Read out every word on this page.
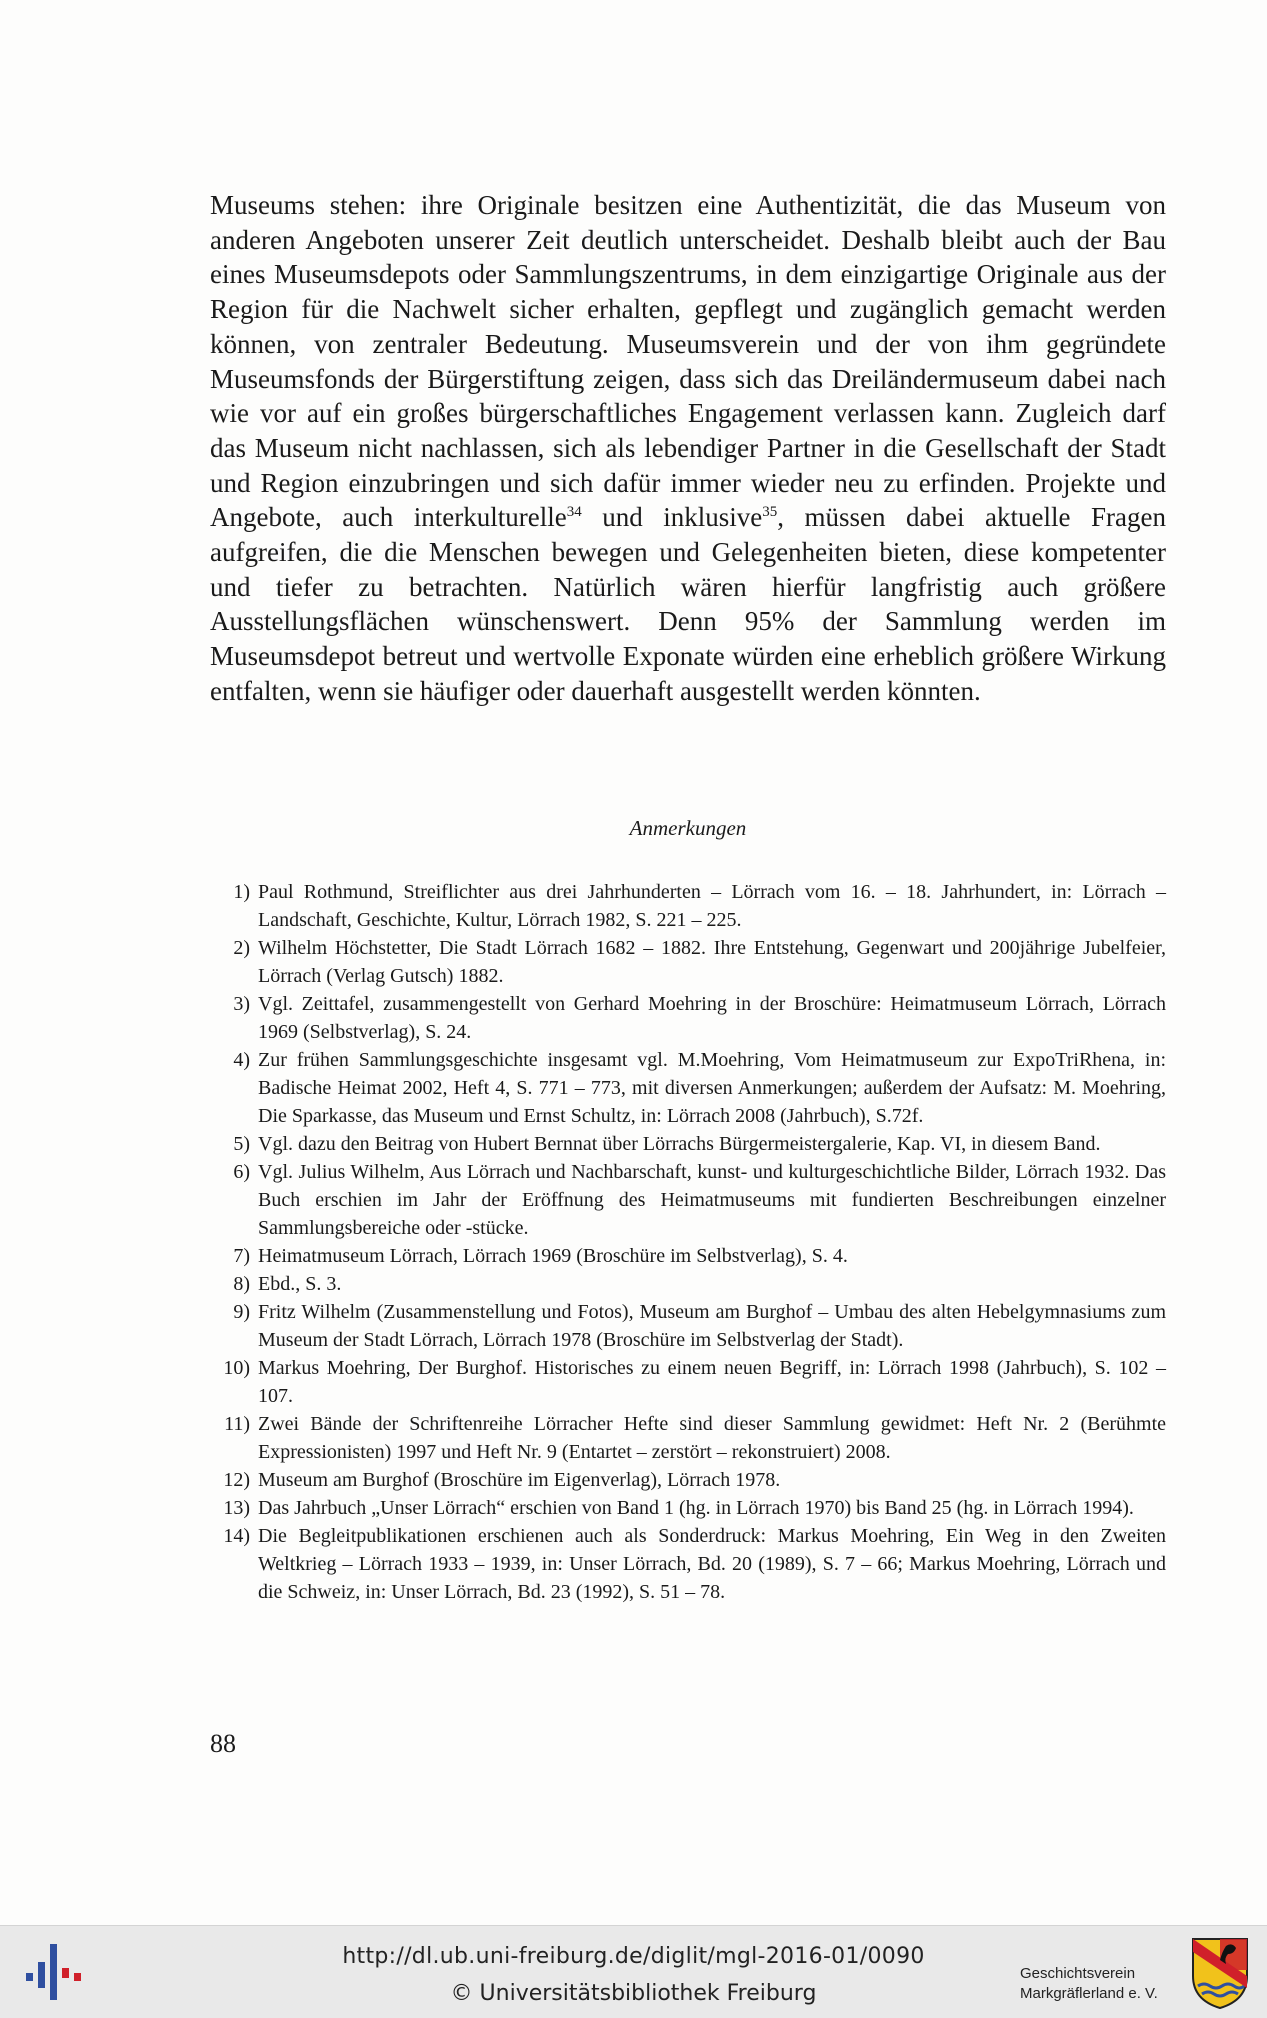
Museums stehen: ihre Originale besitzen eine Authentizität, die das Museum von anderen Angeboten unserer Zeit deutlich unterscheidet. Deshalb bleibt auch der Bau eines Museumsdepots oder Sammlungszentrums, in dem einzigartige Originale aus der Region für die Nachwelt sicher erhalten, gepflegt und zugänglich gemacht werden können, von zentraler Bedeutung. Museumsverein und der von ihm gegründete Museumsfonds der Bürgerstiftung zeigen, dass sich das Dreiländermuseum dabei nach wie vor auf ein großes bürgerschaftliches Engagement verlassen kann. Zugleich darf das Museum nicht nachlassen, sich als lebendiger Partner in die Gesellschaft der Stadt und Region einzubringen und sich dafür immer wieder neu zu erfinden. Projekte und Angebote, auch interkulturelle$^{34}$ und inklusive$^{35}$, müssen dabei aktuelle Fragen aufgreifen, die die Menschen bewegen und Gelegenheiten bieten, diese kompetenter und tiefer zu betrachten. Natürlich wären hierfür langfristig auch größere Ausstellungsflächen wünschenswert. Denn 95% der Sammlung werden im Museumsdepot betreut und wertvolle Exponate würden eine erheblich größere Wirkung entfalten, wenn sie häufiger oder dauerhaft ausgestellt werden könnten.

Anmerkungen
1) Paul Rothmund, Streiflichter aus drei Jahrhunderten – Lörrach vom 16. – 18. Jahrhundert, in: Lörrach – Landschaft, Geschichte, Kultur, Lörrach 1982, S. 221 – 225.
2) Wilhelm Höchstetter, Die Stadt Lörrach 1682 – 1882. Ihre Entstehung, Gegenwart und 200jährige Jubelfeier, Lörrach (Verlag Gutsch) 1882.
3) Vgl. Zeittafel, zusammengestellt von Gerhard Moehring in der Broschüre: Heimatmuseum Lörrach, Lörrach 1969 (Selbstverlag), S. 24.
4) Zur frühen Sammlungsgeschichte insgesamt vgl. M.Moehring, Vom Heimatmuseum zur ExpoTriRhena, in: Badische Heimat 2002, Heft 4, S. 771 – 773, mit diversen Anmerkungen; außerdem der Aufsatz: M. Moehring, Die Sparkasse, das Museum und Ernst Schultz, in: Lörrach 2008 (Jahrbuch), S.72f.
5) Vgl. dazu den Beitrag von Hubert Bernnat über Lörrachs Bürgermeistergalerie, Kap. VI, in diesem Band.
6) Vgl. Julius Wilhelm, Aus Lörrach und Nachbarschaft, kunst- und kulturgeschichtliche Bilder, Lörrach 1932. Das Buch erschien im Jahr der Eröffnung des Heimatmuseums mit fundierten Beschreibungen einzelner Sammlungsbereiche oder -stücke.
7) Heimatmuseum Lörrach, Lörrach 1969 (Broschüre im Selbstverlag), S. 4.
8) Ebd., S. 3.
9) Fritz Wilhelm (Zusammenstellung und Fotos), Museum am Burghof – Umbau des alten Hebelgymnasiums zum Museum der Stadt Lörrach, Lörrach 1978 (Broschüre im Selbstverlag der Stadt).
10) Markus Moehring, Der Burghof. Historisches zu einem neuen Begriff, in: Lörrach 1998 (Jahrbuch), S. 102 – 107.
11) Zwei Bände der Schriftenreihe Lörracher Hefte sind dieser Sammlung gewidmet: Heft Nr. 2 (Berühmte Expressionisten) 1997 und Heft Nr. 9 (Entartet – zerstört – rekonstruiert) 2008.
12) Museum am Burghof (Broschüre im Eigenverlag), Lörrach 1978.
13) Das Jahrbuch „Unser Lörrach“ erschien von Band 1 (hg. in Lörrach 1970) bis Band 25 (hg. in Lörrach 1994).
14) Die Begleitpublikationen erschienen auch als Sonderdruck: Markus Moehring, Ein Weg in den Zweiten Weltkrieg – Lörrach 1933 – 1939, in: Unser Lörrach, Bd. 20 (1989), S. 7 – 66; Markus Moehring, Lörrach und die Schweiz, in: Unser Lörrach, Bd. 23 (1992), S. 51 – 78.
88
http://dl.ub.uni-freiburg.de/diglit/mgl-2016-01/0090
© Universitätsbibliothek Freiburg
Geschichtsverein
Markgräflerland e. V.
